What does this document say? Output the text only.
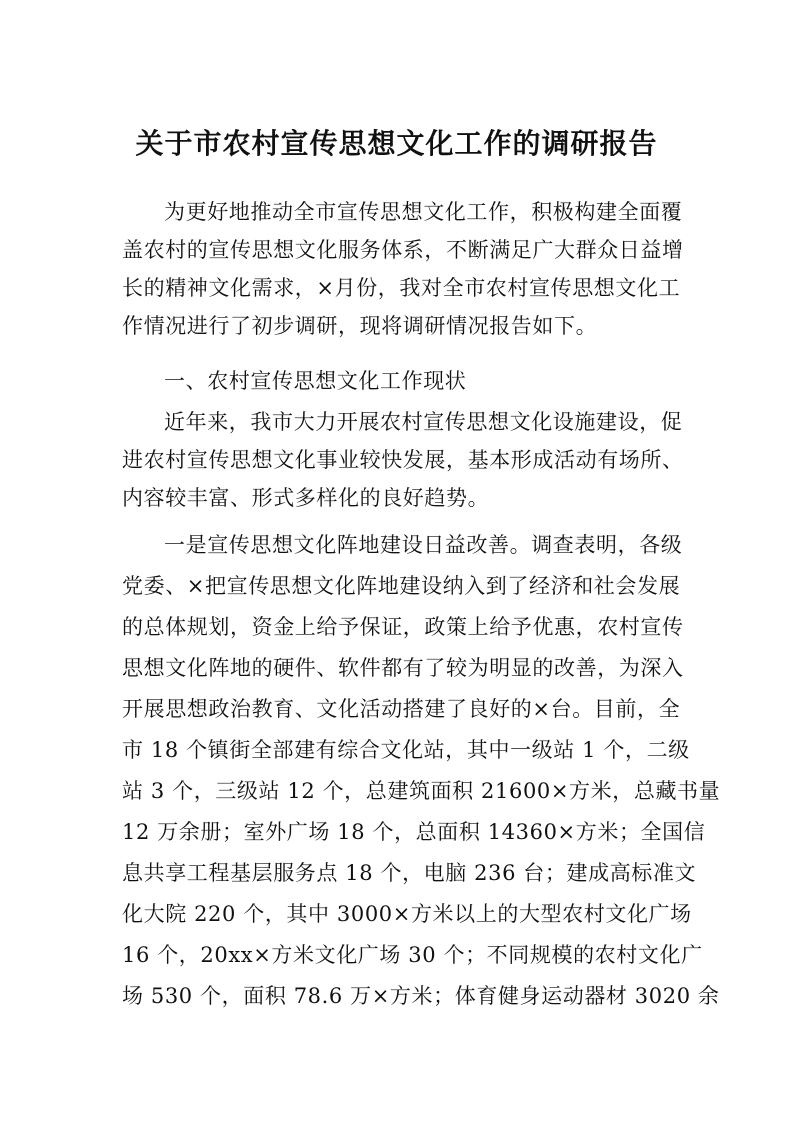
关于市农村宣传思想文化工作的调研报告
为更好地推动全市宣传思想文化工作，积极构建全面覆
盖农村的宣传思想文化服务体系，不断满足广大群众日益增
长的精神文化需求，×月份，我对全市农村宣传思想文化工
作情况进行了初步调研，现将调研情况报告如下。
一、农村宣传思想文化工作现状
近年来，我市大力开展农村宣传思想文化设施建设，促
进农村宣传思想文化事业较快发展，基本形成活动有场所、
内容较丰富、形式多样化的良好趋势。
一是宣传思想文化阵地建设日益改善。调查表明，各级
党委、×把宣传思想文化阵地建设纳入到了经济和社会发展
的总体规划，资金上给予保证，政策上给予优惠，农村宣传
思想文化阵地的硬件、软件都有了较为明显的改善，为深入
开展思想政治教育、文化活动搭建了良好的×台。目前，全
市 18 个镇街全部建有综合文化站，其中一级站 1 个，二级
站 3 个，三级站 12 个，总建筑面积 21600×方米，总藏书量
12 万余册；室外广场 18 个，总面积 14360×方米；全国信
息共享工程基层服务点 18 个，电脑 236 台；建成高标准文
化大院 220 个，其中 3000×方米以上的大型农村文化广场
16 个，20xx×方米文化广场 30 个；不同规模的农村文化广
场 530 个，面积 78.6 万×方米；体育健身运动器材 3020 余
